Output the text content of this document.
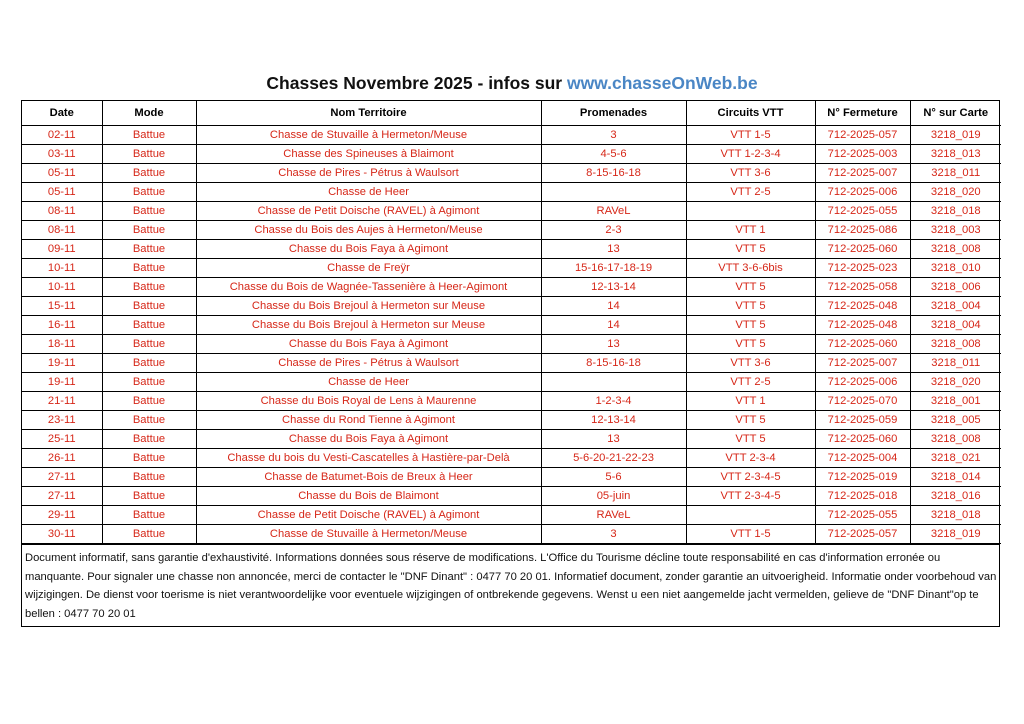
Chasses Novembre 2025 - infos sur www.chasseOnWeb.be
Date	Mode	Nom Territoire	Promenades	Circuits VTT	N° Fermeture	N° sur Carte
02-11	Battue	Chasse de Stuvaille à Hermeton/Meuse	3	VTT 1-5	712-2025-057	3218_019
03-11	Battue	Chasse des Spineuses à Blaimont	4-5-6	VTT 1-2-3-4	712-2025-003	3218_013
05-11	Battue	Chasse de Pires - Pétrus à Waulsort	8-15-16-18	VTT 3-6	712-2025-007	3218_011
05-11	Battue	Chasse de Heer		VTT 2-5	712-2025-006	3218_020
08-11	Battue	Chasse de Petit Doische (RAVEL) à Agimont	RAVeL		712-2025-055	3218_018
08-11	Battue	Chasse du Bois des Aujes à Hermeton/Meuse	2-3	VTT 1	712-2025-086	3218_003
09-11	Battue	Chasse du Bois Faya à Agimont	13	VTT 5	712-2025-060	3218_008
10-11	Battue	Chasse de Freÿr	15-16-17-18-19	VTT 3-6-6bis	712-2025-023	3218_010
10-11	Battue	Chasse du Bois de Wagnée-Tassenière à Heer-Agimont	12-13-14	VTT 5	712-2025-058	3218_006
15-11	Battue	Chasse du Bois Brejoul à Hermeton sur Meuse	14	VTT 5	712-2025-048	3218_004
16-11	Battue	Chasse du Bois Brejoul à Hermeton sur Meuse	14	VTT 5	712-2025-048	3218_004
18-11	Battue	Chasse du Bois Faya à Agimont	13	VTT 5	712-2025-060	3218_008
19-11	Battue	Chasse de Pires - Pétrus à Waulsort	8-15-16-18	VTT 3-6	712-2025-007	3218_011
19-11	Battue	Chasse de Heer		VTT 2-5	712-2025-006	3218_020
21-11	Battue	Chasse du Bois Royal de Lens à Maurenne	1-2-3-4	VTT 1	712-2025-070	3218_001
23-11	Battue	Chasse du Rond Tienne à Agimont	12-13-14	VTT 5	712-2025-059	3218_005
25-11	Battue	Chasse du Bois Faya à Agimont	13	VTT 5	712-2025-060	3218_008
26-11	Battue	Chasse du bois du Vesti-Cascatelles à Hastière-par-Delà	5-6-20-21-22-23	VTT 2-3-4	712-2025-004	3218_021
27-11	Battue	Chasse de Batumet-Bois de Breux à Heer	5-6	VTT 2-3-4-5	712-2025-019	3218_014
27-11	Battue	Chasse du Bois de Blaimont	05-juin	VTT 2-3-4-5	712-2025-018	3218_016
29-11	Battue	Chasse de Petit Doische (RAVEL) à Agimont	RAVeL		712-2025-055	3218_018
30-11	Battue	Chasse de Stuvaille à Hermeton/Meuse	3	VTT 1-5	712-2025-057	3218_019
Document informatif, sans garantie d'exhaustivité. Informations données sous réserve de modifications. L'Office du Tourisme décline toute responsabilité en cas d'information erronée ou manquante. Pour signaler une chasse non annoncée, merci de contacter le "DNF Dinant" : 0477 70 20 01. Informatief document, zonder garantie an uitvoerigheid. Informatie onder voorbehoud van wijzigingen. De dienst voor toerisme is niet verantwoordelijke voor eventuele wijzigingen of ontbrekende gegevens. Wenst u een niet aangemelde jacht vermelden, gelieve de "DNF Dinant"op te bellen : 0477 70 20 01
